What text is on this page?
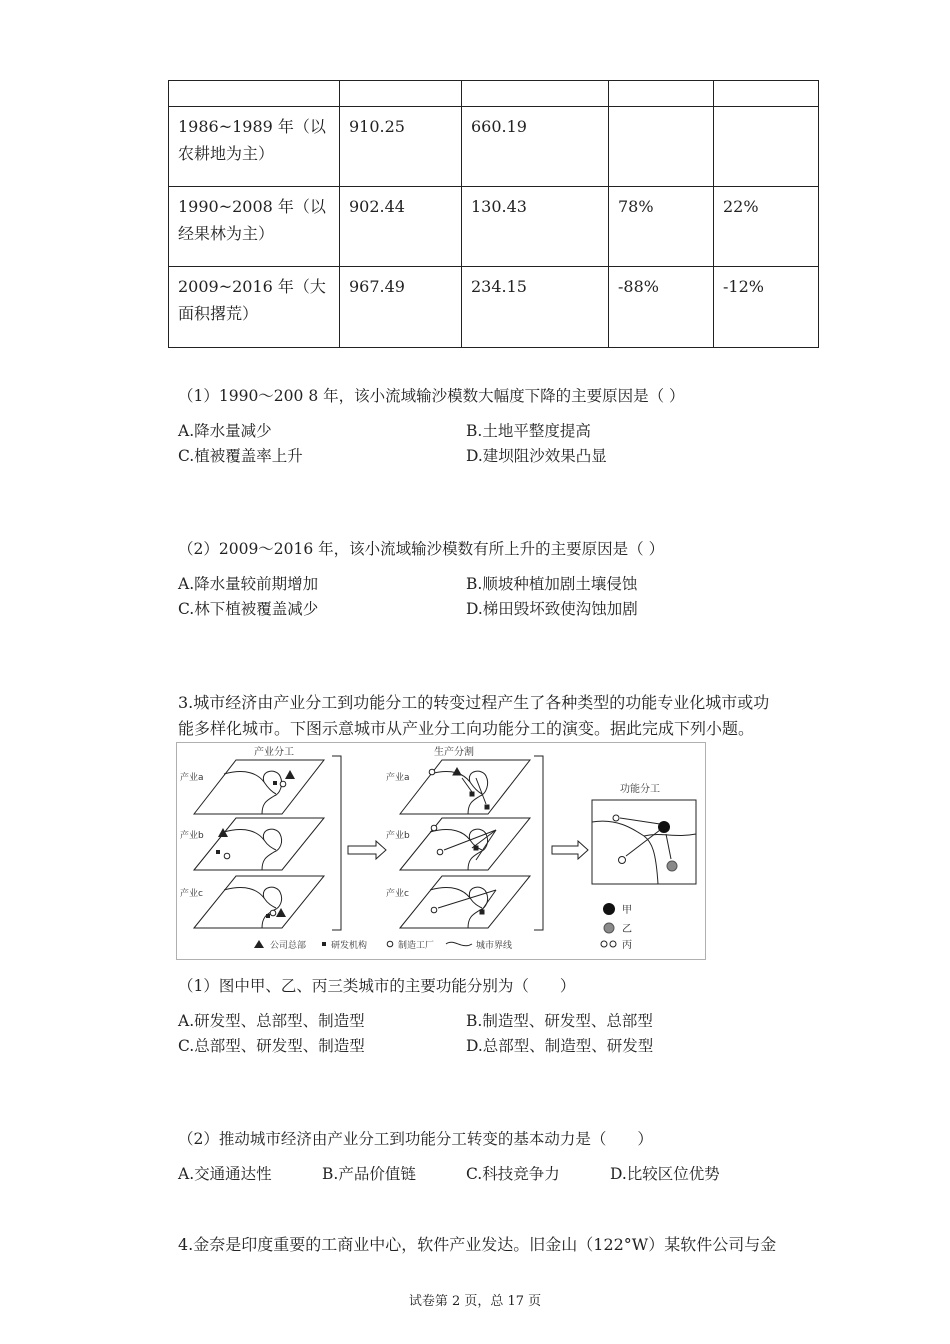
1986~1989 年（以农耕地为主）	910.25	660.19		
1990~2008 年（以经果林为主）	902.44	130.43	78%	22%
2009~2016 年（大面积撂荒）	967.49	234.15	-88%	-12%
（1）1990～200 8 年，该小流域输沙模数大幅度下降的主要原因是（ ）
A.降水量减少	B.土地平整度提高
C.植被覆盖率上升	D.建坝阻沙效果凸显
（2）2009～2016 年，该小流域输沙模数有所上升的主要原因是（ ）
A.降水量较前期增加	B.顺坡种植加剧土壤侵蚀
C.林下植被覆盖减少	D.梯田毁坏致使沟蚀加剧
3.城市经济由产业分工到功能分工的转变过程产生了各种类型的功能专业化城市或功
能多样化城市。下图示意城市从产业分工向功能分工的演变。据此完成下列小题。
产业分工	生产分割
功能分工
产业a
产业b
产业c
产业a
产业b
产业c
甲
乙
丙
公司总部	研发机构	制造工厂	城市界线
（1）图中甲、乙、丙三类城市的主要功能分别为（　　）
A.研发型、总部型、制造型	B.制造型、研发型、总部型
C.总部型、研发型、制造型	D.总部型、制造型、研发型
（2）推动城市经济由产业分工到功能分工转变的基本动力是（　　）
A.交通通达性	B.产品价值链	C.科技竞争力	D.比较区位优势
4.金奈是印度重要的工商业中心，软件产业发达。旧金山（122°W）某软件公司与金
试卷第 2 页，总 17 页
